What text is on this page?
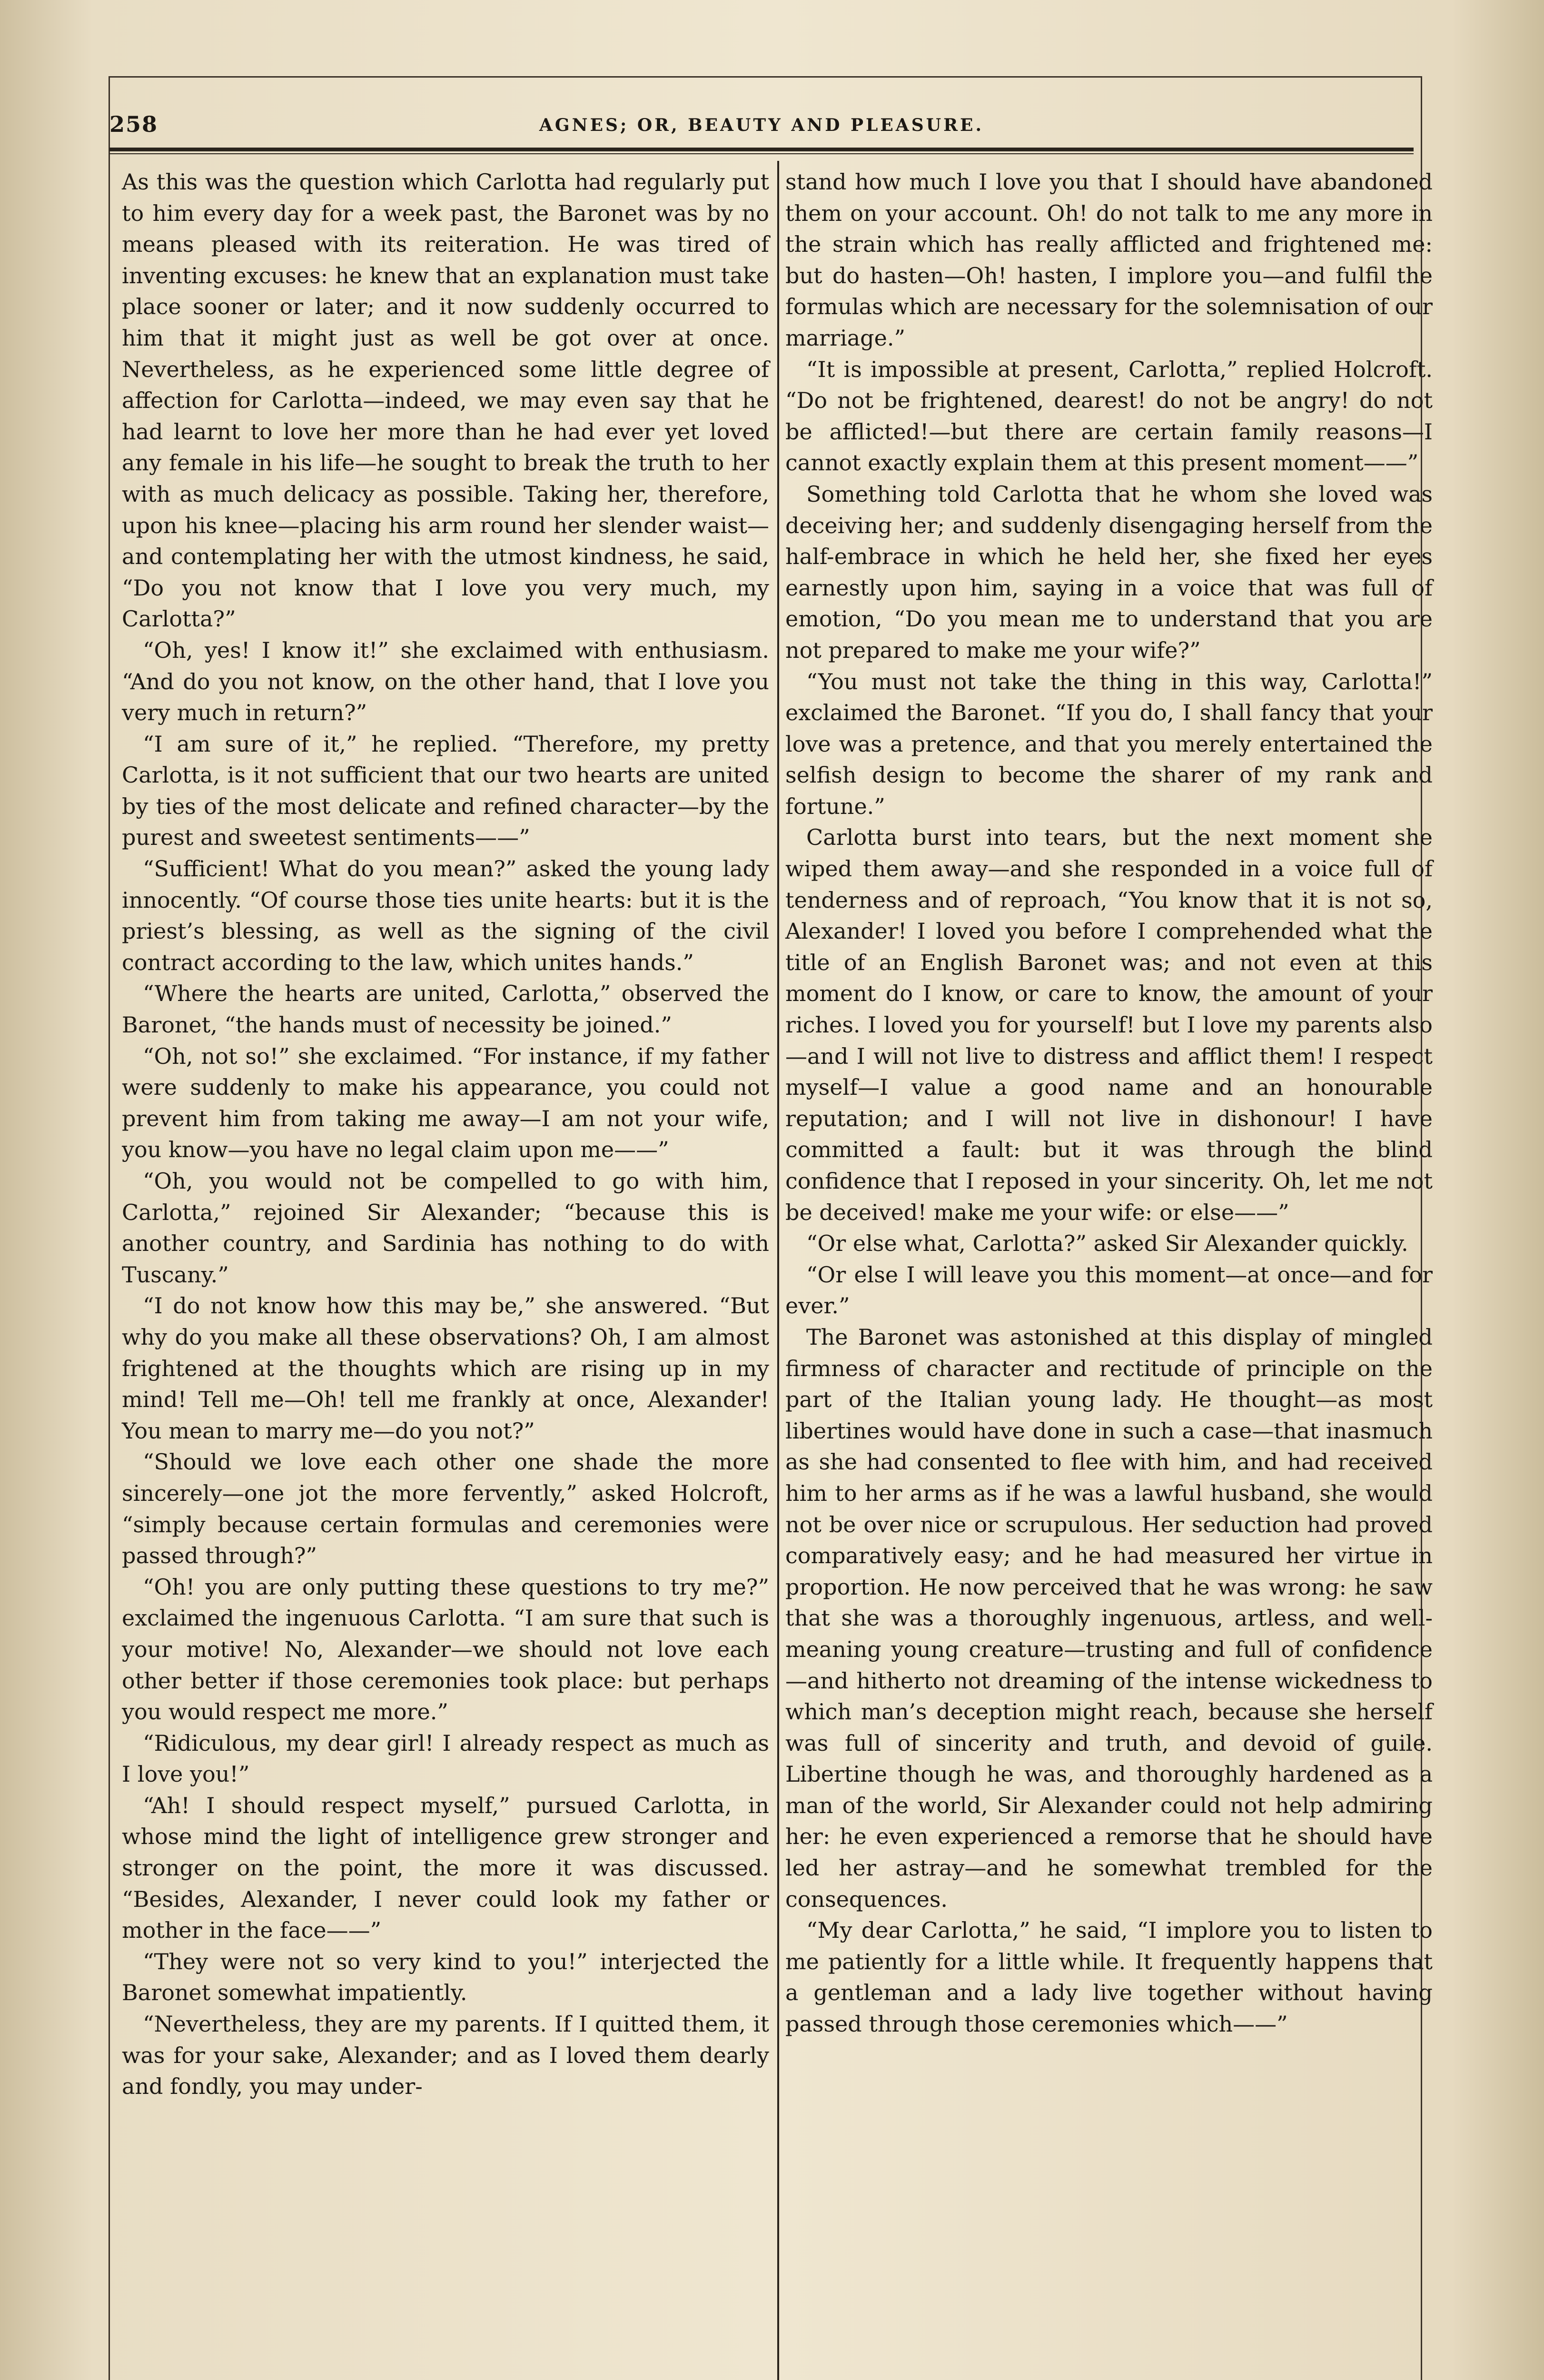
258	AGNES; OR, BEAUTY AND PLEASURE.

As this was the question which Carlotta had regularly put to him every day for a week past, the Baronet was by no means pleased with its reiteration. He was tired of inventing excuses: he knew that an explanation must take place sooner or later; and it now suddenly occurred to him that it might just as well be got over at once. Nevertheless, as he experienced some little degree of affection for Carlotta—indeed, we may even say that he had learnt to love her more than he had ever yet loved any female in his life—he sought to break the truth to her with as much delicacy as possible. Taking her, therefore, upon his knee—placing his arm round her slender waist—and contemplating her with the utmost kindness, he said, “Do you not know that I love you very much, my Carlotta?”

“Oh, yes! I know it!” she exclaimed with enthusiasm. “And do you not know, on the other hand, that I love you very much in return?”

“I am sure of it,” he replied. “Therefore, my pretty Carlotta, is it not sufficient that our two hearts are united by ties of the most delicate and refined character—by the purest and sweetest sentiments——”

“Sufficient! What do you mean?” asked the young lady innocently. “Of course those ties unite hearts: but it is the priest’s blessing, as well as the signing of the civil contract according to the law, which unites hands.”

“Where the hearts are united, Carlotta,” observed the Baronet, “the hands must of necessity be joined.”

“Oh, not so!” she exclaimed. “For instance, if my father were suddenly to make his appearance, you could not prevent him from taking me away—I am not your wife, you know—you have no legal claim upon me——”

“Oh, you would not be compelled to go with him, Carlotta,” rejoined Sir Alexander; “because this is another country, and Sardinia has nothing to do with Tuscany.”

“I do not know how this may be,” she answered. “But why do you make all these observations? Oh, I am almost frightened at the thoughts which are rising up in my mind! Tell me—Oh! tell me frankly at once, Alexander! You mean to marry me—do you not?”

“Should we love each other one shade the more sincerely—one jot the more fervently,” asked Holcroft, “simply because certain formulas and ceremonies were passed through?”

“Oh! you are only putting these questions to try me?” exclaimed the ingenuous Carlotta. “I am sure that such is your motive! No, Alexander—we should not love each other better if those ceremonies took place: but perhaps you would respect me more.”

“Ridiculous, my dear girl! I already respect as much as I love you!”

“Ah! I should respect myself,” pursued Carlotta, in whose mind the light of intelligence grew stronger and stronger on the point, the more it was discussed. “Besides, Alexander, I never could look my father or mother in the face——”

“They were not so very kind to you!” interjected the Baronet somewhat impatiently.

“Nevertheless, they are my parents. If I quitted them, it was for your sake, Alexander; and as I loved them dearly and fondly, you may under-

stand how much I love you that I should have abandoned them on your account. Oh! do not talk to me any more in the strain which has really afflicted and frightened me: but do hasten—Oh! hasten, I implore you—and fulfil the formulas which are necessary for the solemnisation of our marriage.”

“It is impossible at present, Carlotta,” replied Holcroft. “Do not be frightened, dearest! do not be angry! do not be afflicted!—but there are certain family reasons—I cannot exactly explain them at this present moment——”

Something told Carlotta that he whom she loved was deceiving her; and suddenly disengaging herself from the half-embrace in which he held her, she fixed her eyes earnestly upon him, saying in a voice that was full of emotion, “Do you mean me to understand that you are not prepared to make me your wife?”

“You must not take the thing in this way, Carlotta!” exclaimed the Baronet. “If you do, I shall fancy that your love was a pretence, and that you merely entertained the selfish design to become the sharer of my rank and fortune.”

Carlotta burst into tears, but the next moment she wiped them away—and she responded in a voice full of tenderness and of reproach, “You know that it is not so, Alexander! I loved you before I comprehended what the title of an English Baronet was; and not even at this moment do I know, or care to know, the amount of your riches. I loved you for yourself! but I love my parents also—and I will not live to distress and afflict them! I respect myself—I value a good name and an honourable reputation; and I will not live in dishonour! I have committed a fault: but it was through the blind confidence that I reposed in your sincerity. Oh, let me not be deceived! make me your wife: or else——”

“Or else what, Carlotta?” asked Sir Alexander quickly.

“Or else I will leave you this moment—at once—and for ever.”

The Baronet was astonished at this display of mingled firmness of character and rectitude of principle on the part of the Italian young lady. He thought—as most libertines would have done in such a case—that inasmuch as she had consented to flee with him, and had received him to her arms as if he was a lawful husband, she would not be over nice or scrupulous. Her seduction had proved comparatively easy; and he had measured her virtue in proportion. He now perceived that he was wrong: he saw that she was a thoroughly ingenuous, artless, and well-meaning young creature—trusting and full of confidence—and hitherto not dreaming of the intense wickedness to which man’s deception might reach, because she herself was full of sincerity and truth, and devoid of guile. Libertine though he was, and thoroughly hardened as a man of the world, Sir Alexander could not help admiring her: he even experienced a remorse that he should have led her astray—and he somewhat trembled for the consequences.

“My dear Carlotta,” he said, “I implore you to listen to me patiently for a little while. It frequently happens that a gentleman and a lady live together without having passed through those ceremonies which——”
